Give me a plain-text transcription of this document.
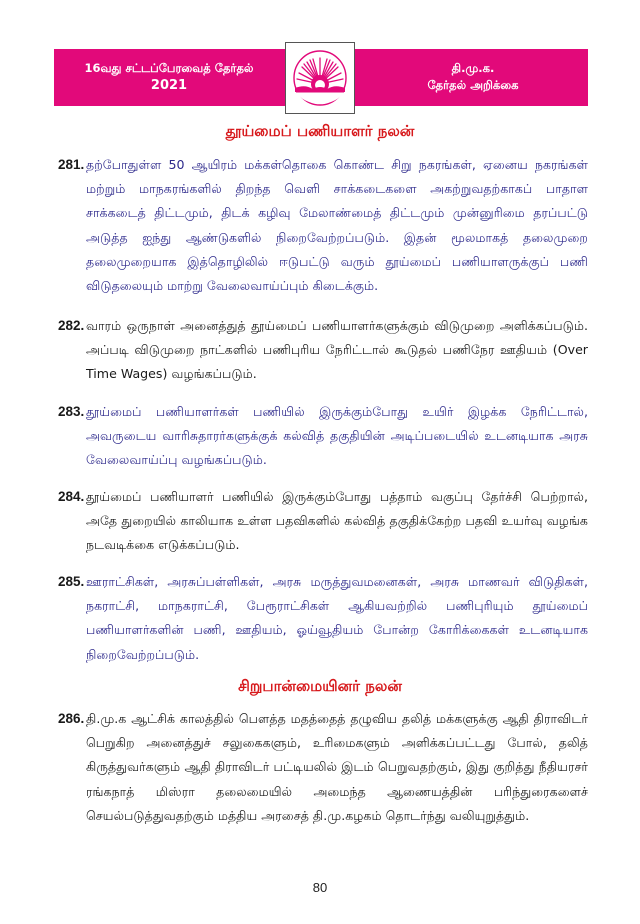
16வது சட்டப்பேரவைத் தேர்தல்
2021
தி.மு.க.
தேர்தல் அறிக்கை
தூய்மைப் பணியாளர் நலன்
281. தற்போதுள்ள 50 ஆயிரம் மக்கள்தொகை கொண்ட சிறு நகரங்கள், ஏனைய நகரங்கள் மற்றும் மாநகரங்களில் திறந்த வெளி சாக்கடைகளை அகற்றுவதற்காகப் பாதாள சாக்கடைத் திட்டமும், திடக் கழிவு மேலாண்மைத் திட்டமும் முன்னுரிமை தரப்பட்டு அடுத்த ஐந்து ஆண்டுகளில் நிறைவேற்றப்படும். இதன் மூலமாகத் தலைமுறை தலைமுறையாக இத்தொழிலில் ஈடுபட்டு வரும் தூய்மைப் பணியாளருக்குப் பணி விடுதலையும் மாற்று வேலைவாய்ப்பும் கிடைக்கும்.
282. வாரம் ஒருநாள் அனைத்துத் தூய்மைப் பணியாளர்களுக்கும் விடுமுறை அளிக்கப்படும். அப்படி விடுமுறை நாட்களில் பணிபுரிய நேரிட்டால் கூடுதல் பணிநேர ஊதியம் (Over Time Wages) வழங்கப்படும்.
283. தூய்மைப் பணியாளர்கள் பணியில் இருக்கும்போது உயிர் இழக்க நேரிட்டால், அவருடைய வாரிசுதாரர்களுக்குக் கல்வித் தகுதியின் அடிப்படையில் உடனடியாக அரசு வேலைவாய்ப்பு வழங்கப்படும்.
284. தூய்மைப் பணியாளர் பணியில் இருக்கும்போது பத்தாம் வகுப்பு தேர்ச்சி பெற்றால், அதே துறையில் காலியாக உள்ள பதவிகளில் கல்வித் தகுதிக்கேற்ற பதவி உயர்வு வழங்க நடவடிக்கை எடுக்கப்படும்.
285. ஊராட்சிகள், அரசுப்பள்ளிகள், அரசு மருத்துவமனைகள், அரசு மாணவர் விடுதிகள், நகராட்சி, மாநகராட்சி, பேரூராட்சிகள் ஆகியவற்றில் பணிபுரியும் தூய்மைப் பணியாளர்களின் பணி, ஊதியம், ஓய்வூதியம் போன்ற கோரிக்கைகள் உடனடியாக நிறைவேற்றப்படும்.
சிறுபான்மையினர் நலன்
286. தி.மு.க ஆட்சிக் காலத்தில் பௌத்த மதத்தைத் தழுவிய தலித் மக்களுக்கு ஆதி திராவிடர் பெறுகிற அனைத்துச் சலுகைகளும், உரிமைகளும் அளிக்கப்பட்டது போல், தலித் கிருத்துவர்களும் ஆதி திராவிடர் பட்டியலில் இடம் பெறுவதற்கும், இது குறித்து நீதியரசர் ரங்கநாத் மிஸ்ரா தலைமையில் அமைந்த ஆணையத்தின் பரிந்துரைகளைச் செயல்படுத்துவதற்கும் மத்திய அரசைத் தி.மு.கழகம் தொடர்ந்து வலியுறுத்தும்.
80
